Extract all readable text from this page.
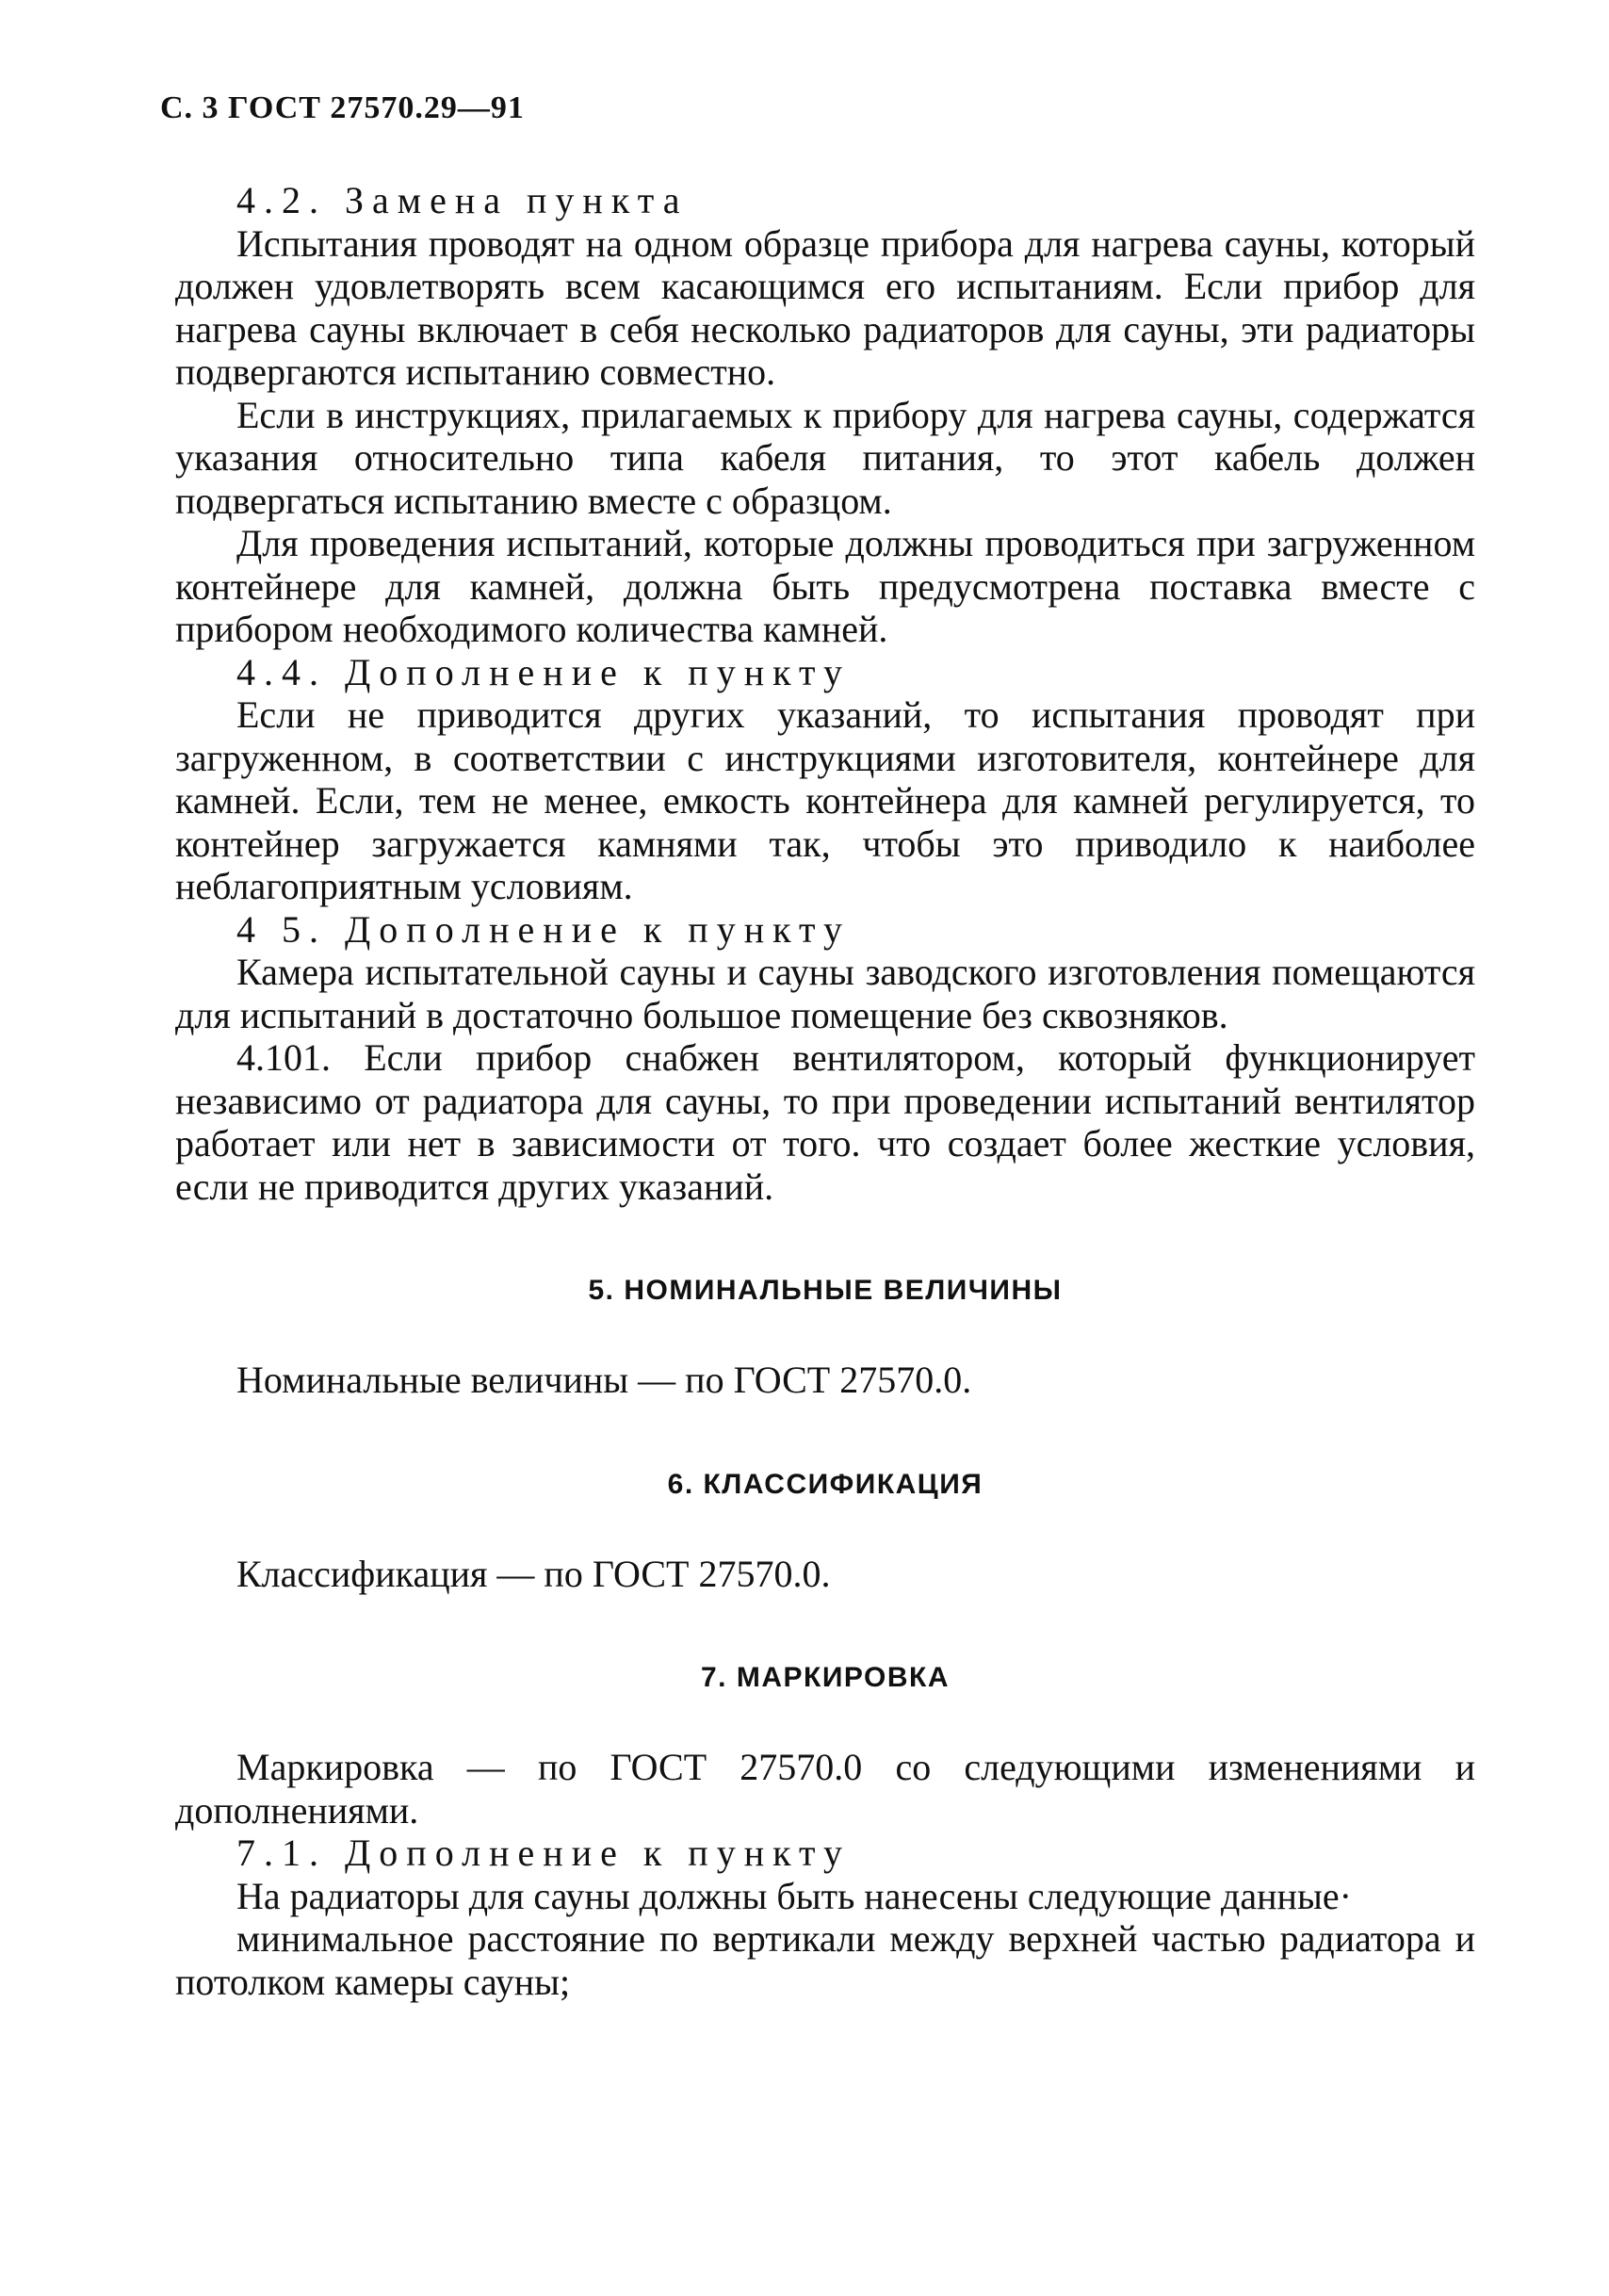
С. 3 ГОСТ 27570.29—91
4.2. Замена пункта

Испытания проводят на одном образце прибора для нагрева сауны, который должен удовлетворять всем касающимся его испытаниям. Если прибор для нагрева сауны включает в себя несколько радиаторов для сауны, эти радиаторы подвергаются испытанию совместно.

Если в инструкциях, прилагаемых к прибору для нагрева сауны, содержатся указания относительно типа кабеля питания, то этот кабель должен подвергаться испытанию вместе с образцом.

Для проведения испытаний, которые должны проводиться при загруженном контейнере для камней, должна быть предусмотрена поставка вместе с прибором необходимого количества камней.

4.4. Дополнение к пункту

Если не приводится других указаний, то испытания проводят при загруженном, в соответствии с инструкциями изготовителя, контейнере для камней. Если, тем не менее, емкость контейнера для камней регулируется, то контейнер загружается камнями так, чтобы это приводило к наиболее неблагоприятным условиям.

4 5. Дополнение к пункту

Камера испытательной сауны и сауны заводского изготовления помещаются для испытаний в достаточно большое помещение без сквозняков.

4.101. Если прибор снабжен вентилятором, который функционирует независимо от радиатора для сауны, то при проведении испытаний вентилятор работает или нет в зависимости от того. что создает более жесткие условия, если не приводится других указаний.

5. НОМИНАЛЬНЫЕ ВЕЛИЧИНЫ
Номинальные величины — по ГОСТ 27570.0.
6. КЛАССИФИКАЦИЯ
Классификация — по ГОСТ 27570.0.
7. МАРКИРОВКА

Маркировка — по ГОСТ 27570.0 со следующими изменениями и дополнениями.

7.1. Дополнение к пункту

На радиаторы для сауны должны быть нанесены следующие данные·

минимальное расстояние по вертикали между верхней частью радиатора и потолком камеры сауны;
